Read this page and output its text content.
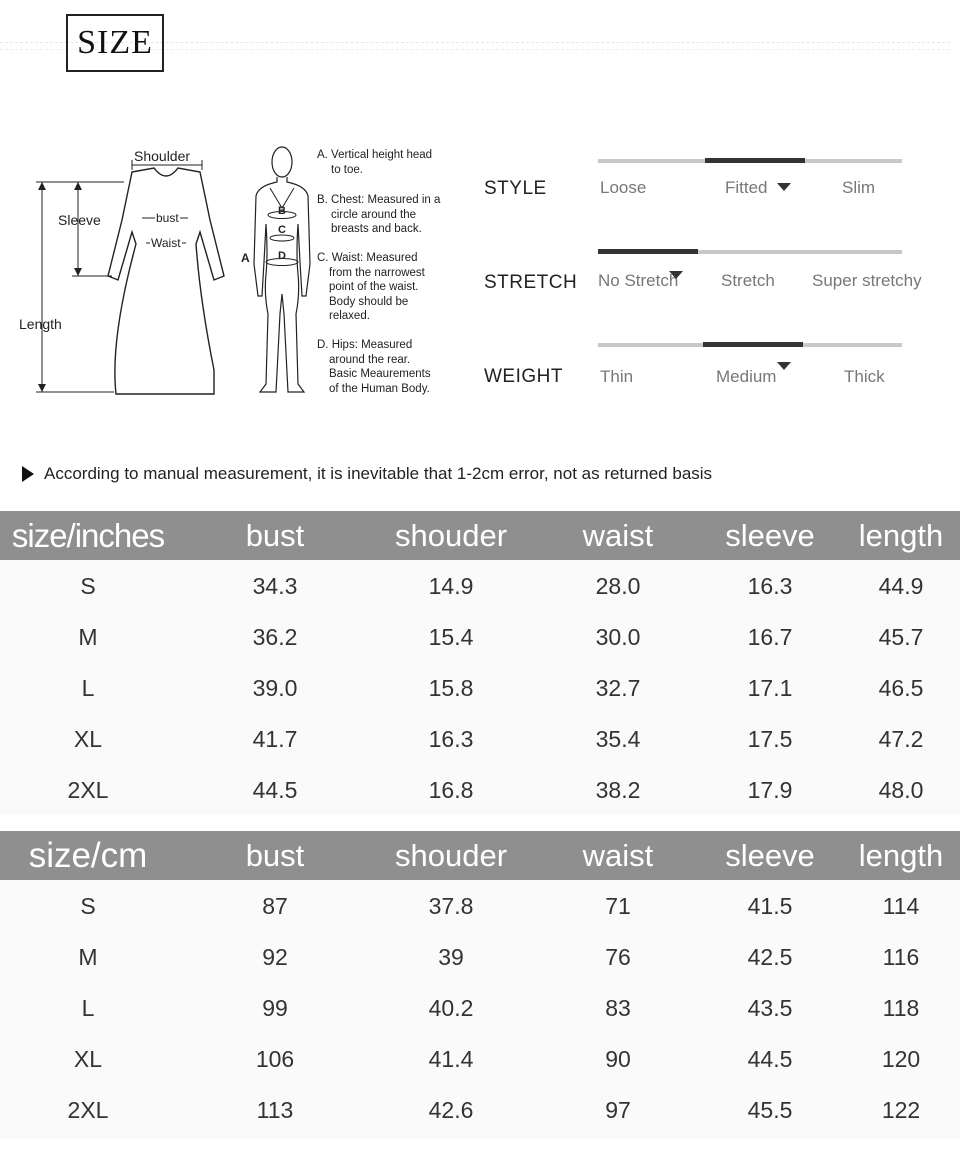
SIZE
Shoulder
Sleeve
Length
bust
Waist
A
B
C
D
A. Vertical height head
to toe.
B. Chest: Measured in a
circle around the
breasts and back.
C. Waist: Measured
from the narrowest
point of the waist.
Body should be
relaxed.
D. Hips: Measured
around the rear.
Basic Meaurements
of the Human Body.
STYLE	Loose	Fitted	Slim
STRETCH No Stretch	Stretch Super stretchy
WEIGHT Thin	Medium	Thick
According to manual measurement, it is inevitable that 1-2cm error, not as returned basis
size/inches	bust	shouder	waist	sleeve	length
S	34.3	14.9	28.0	16.3	44.9
M	36.2	15.4	30.0	16.7	45.7
L	39.0	15.8	32.7	17.1	46.5
XL	41.7	16.3	35.4	17.5	47.2
2XL	44.5	16.8	38.2	17.9	48.0
size/cm	bust	shouder	waist	sleeve	length
S	87	37.8	71	41.5	114
M	92	39	76	42.5	116
L	99	40.2	83	43.5	118
XL	106	41.4	90	44.5	120
2XL	113	42.6	97	45.5	122
